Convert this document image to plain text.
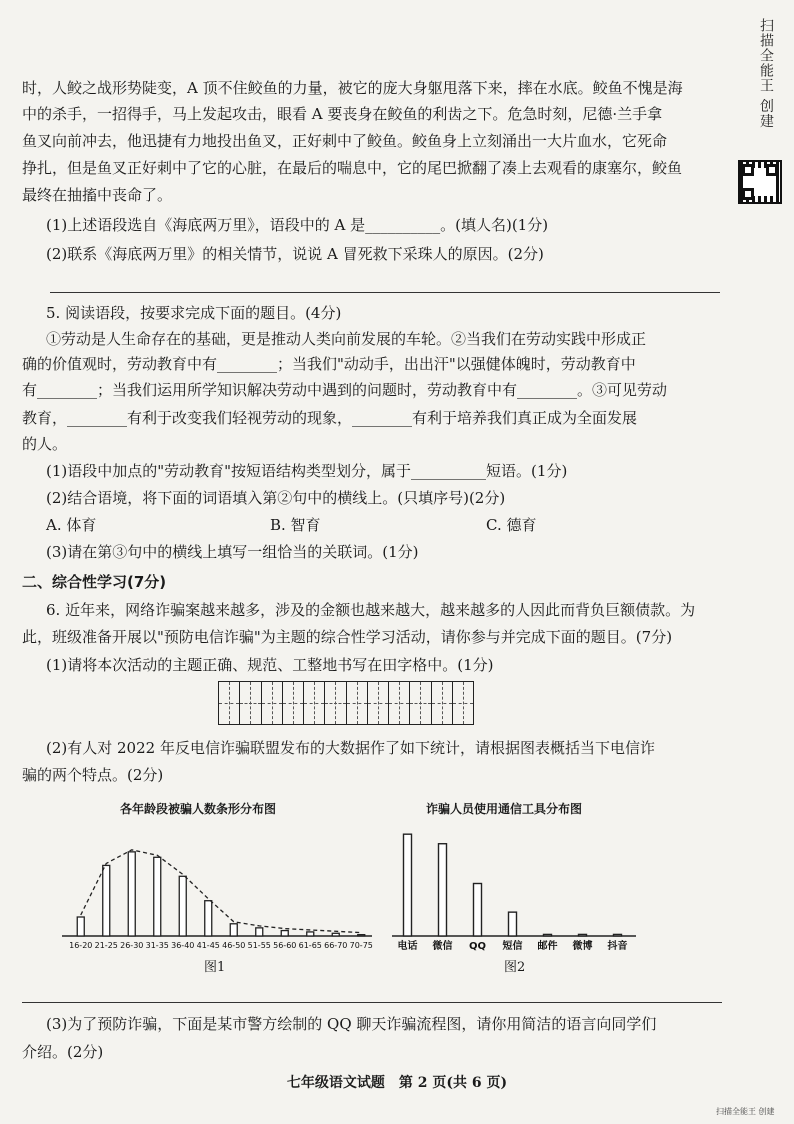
扫描全能王 创建
时，人鲛之战形势陡变，A 顶不住鲛鱼的力量，被它的庞大身躯甩落下来，摔在水底。鲛鱼不愧是海
中的杀手，一招得手，马上发起攻击，眼看 A 要丧身在鲛鱼的利齿之下。危急时刻，尼德·兰手拿
鱼叉向前冲去，他迅捷有力地投出鱼叉，正好刺中了鲛鱼。鲛鱼身上立刻涌出一大片血水，它死命
挣扎，但是鱼叉正好刺中了它的心脏，在最后的喘息中，它的尾巴掀翻了凑上去观看的康塞尔，鲛鱼
最终在抽搐中丧命了。
(1)上述语段选自《海底两万里》，语段中的 A 是__________。(填人名)(1分)
(2)联系《海底两万里》的相关情节，说说 A 冒死救下采珠人的原因。(2分)
5. 阅读语段，按要求完成下面的题目。(4分)
①劳动是人生命存在的基础，更是推动人类向前发展的车轮。②当我们在劳动实践中形成正
确的价值观时，劳动教育中有________；当我们"动动手，出出汗"以强健体魄时，劳动教育中
有________；当我们运用所学知识解决劳动中遇到的问题时，劳动教育中有________。③可见劳动
教育，________有利于改变我们轻视劳动的现象，________有利于培养我们真正成为全面发展
的人。
(1)语段中加点的"劳动教育"按短语结构类型划分，属于__________短语。(1分)
(2)结合语境，将下面的词语填入第②句中的横线上。(只填序号)(2分)
A. 体育	B. 智育	C. 德育
(3)请在第③句中的横线上填写一组恰当的关联词。(1分)
二、综合性学习(7分)
6. 近年来，网络诈骗案越来越多，涉及的金额也越来越大，越来越多的人因此而背负巨额债款。为
此，班级准备开展以"预防电信诈骗"为主题的综合性学习活动，请你参与并完成下面的题目。(7分)
(1)请将本次活动的主题正确、规范、工整地书写在田字格中。(1分)
(2)有人对 2022 年反电信诈骗联盟发布的大数据作了如下统计，请根据图表概括当下电信诈
骗的两个特点。(2分)
各年龄段被骗人数条形分布图
16-20 21-25 26-30 31-35 36-40 41-45 46-50 51-55 56-60 61-65 66-70 70-75
图1
诈骗人员使用通信工具分布图
电话 微信 QQ 短信 邮件 微博 抖音
图2
(3)为了预防诈骗，下面是某市警方绘制的 QQ 聊天诈骗流程图，请你用简洁的语言向同学们
介绍。(2分)
七年级语文试题　第 2 页(共 6 页)
扫描全能王 创建
